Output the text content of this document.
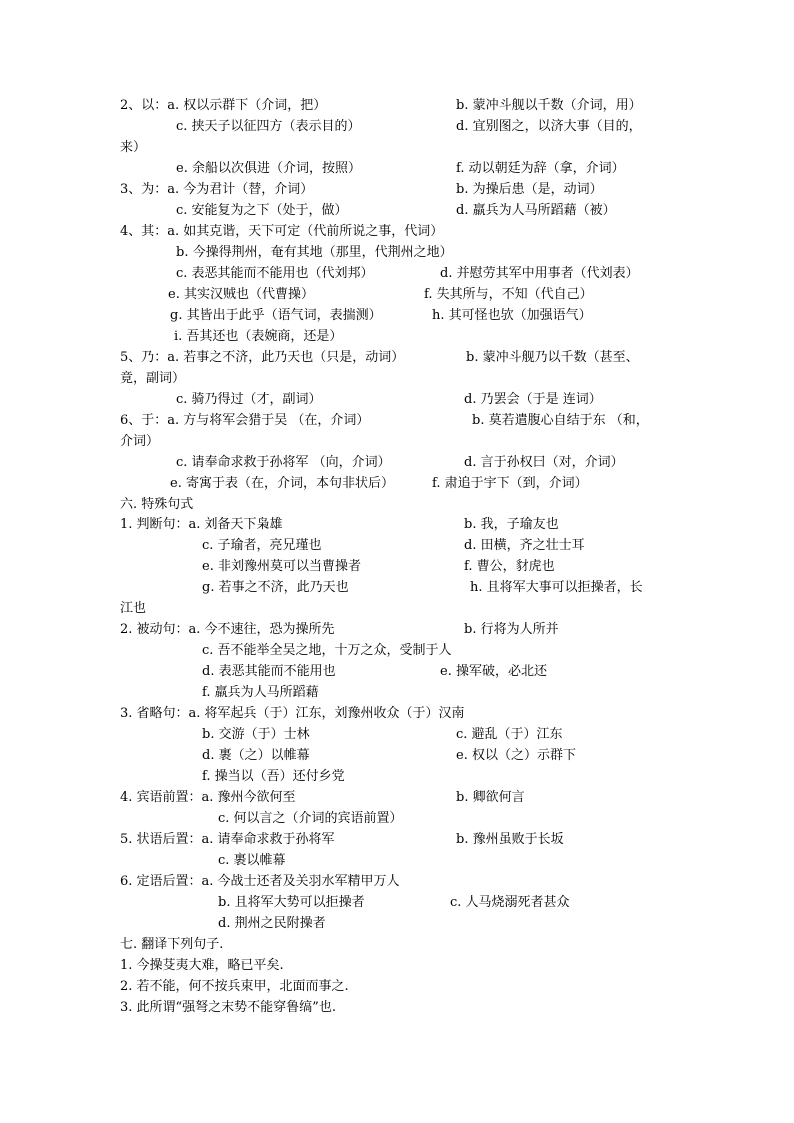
2、以：a. 权以示群下（介词，把）	b. 蒙冲斗舰以千数（介词，用）
c. 挟天子以征四方（表示目的）	d. 宜别图之，以济大事（目的，
来）
e. 余船以次俱进（介词，按照）	f. 动以朝廷为辞（拿，介词）
3、为：a. 今为君计（替，介词）	b. 为操后患（是，动词）
c. 安能复为之下（处于，做）	d. 羸兵为人马所蹈藉（被）
4、其：a. 如其克谐，天下可定（代前所说之事，代词）
b. 今操得荆州，奄有其地（那里，代荆州之地）
c. 表恶其能而不能用也（代刘邦）	d. 并慰劳其军中用事者（代刘表）
e. 其实汉贼也（代曹操）	f. 失其所与，不知（代自己）
g. 其皆出于此乎（语气词，表揣测）	h. 其可怪也欤（加强语气）
i. 吾其还也（表婉商，还是）
5、乃：a. 若事之不济，此乃天也（只是，动词）	b. 蒙冲斗舰乃以千数（甚至、
竟，副词）
c. 骑乃得过（才，副词）	d. 乃罢会（于是 连词）
6、于：a. 方与将军会猎于吴 （在，介词）	b. 莫若遣腹心自结于东 （和，
介词）
c. 请奉命求救于孙将军 （向，介词）	d. 言于孙权曰（对，介词）
e. 寄寓于表（在，介词，本句非状后）	f. 肃追于宇下（到，介词）
六. 特殊句式
1. 判断句：a. 刘备天下枭雄	b. 我，子瑜友也
c. 子瑜者，亮兄瑾也	d. 田横，齐之壮士耳
e. 非刘豫州莫可以当曹操者	f. 曹公，豺虎也
g. 若事之不济，此乃天也	h. 且将军大事可以拒操者，长
江也
2. 被动句：a. 今不速往，恐为操所先	b. 行将为人所并
c. 吾不能举全吴之地，十万之众，受制于人
d. 表恶其能而不能用也	e. 操军破，必北还
f. 羸兵为人马所蹈藉
3. 省略句：a. 将军起兵（于）江东，刘豫州收众（于）汉南
b. 交游（于）士林	c. 避乱（于）江东
d. 裹（之）以帷幕	e. 权以（之）示群下
f. 操当以（吾）还付乡党
4. 宾语前置：a. 豫州今欲何至	b. 卿欲何言
c. 何以言之（介词的宾语前置）
5. 状语后置：a. 请奉命求救于孙将军	b. 豫州虽败于长坂
c. 裹以帷幕
6. 定语后置：a. 今战士还者及关羽水军精甲万人
b. 且将军大势可以拒操者	c. 人马烧溺死者甚众
d. 荆州之民附操者
七. 翻译下列句子.
1. 今操芟夷大难，略已平矣.
2. 若不能，何不按兵束甲，北面而事之.
3. 此所谓“强弩之末势不能穿鲁缟”也.
